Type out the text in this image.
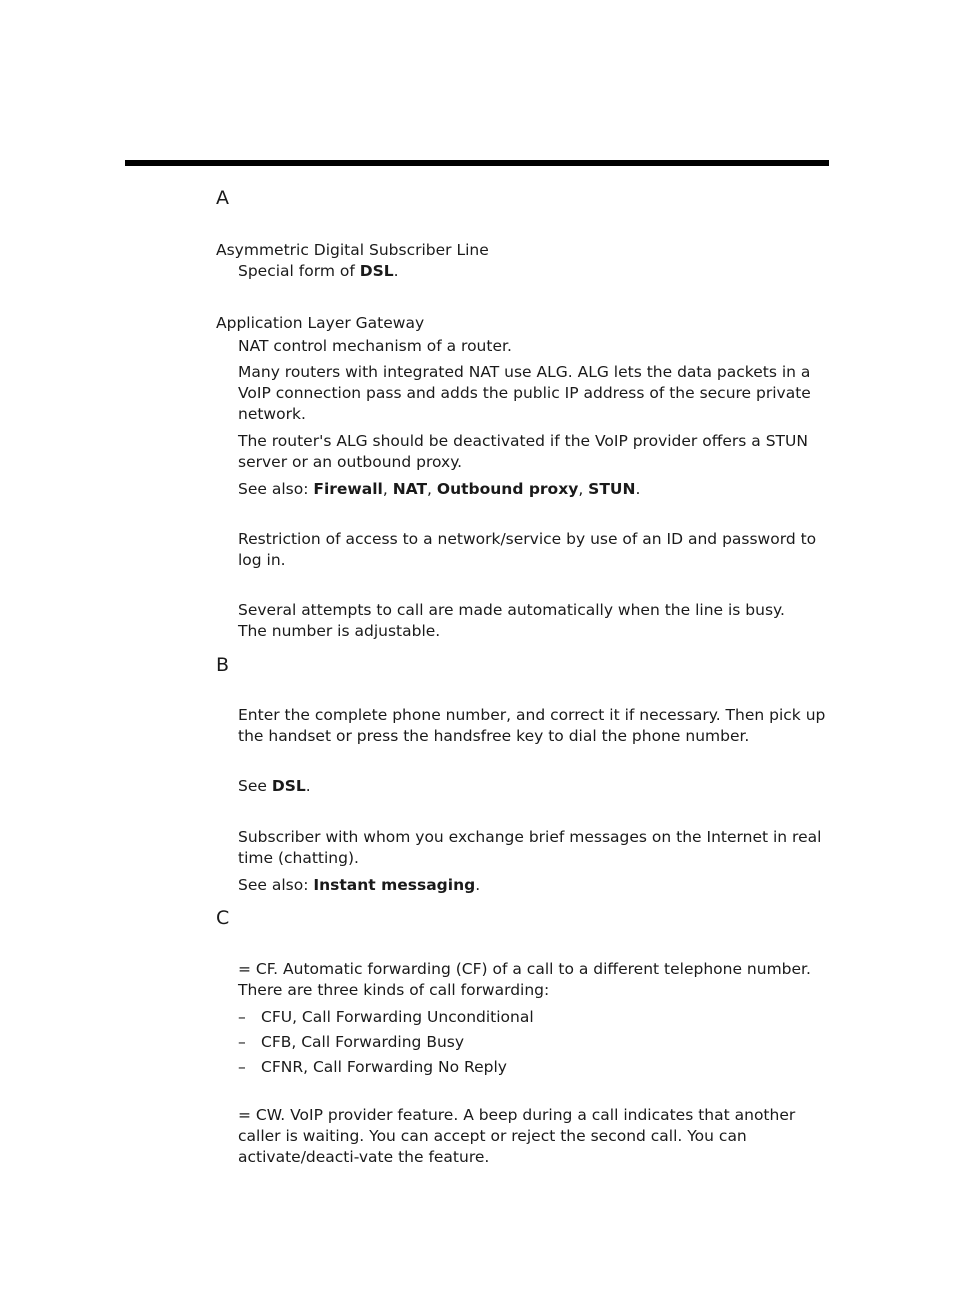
A
Asymmetric Digital Subscriber Line

Special form of DSL.

Application Layer Gateway

NAT control mechanism of a router.

Many routers with integrated NAT use ALG. ALG lets the data packets in a VoIP connection pass and adds the public IP address of the secure private network.

The router's ALG should be deactivated if the VoIP provider offers a STUN server or an outbound proxy.

See also: Firewall, NAT, Outbound proxy, STUN.

Restriction of access to a network/service by use of an ID and password to log in.

Several attempts to call are made automatically when the line is busy.
The number is adjustable.

B

Enter the complete phone number, and correct it if necessary. Then pick up the handset or press the handsfree key to dial the phone number.

See DSL.

Subscriber with whom you exchange brief messages on the Internet in real time (chatting).

See also: Instant messaging.

C

= CF. Automatic forwarding (CF) of a call to a different telephone number. There are three kinds of call forwarding:

– CFU, Call Forwarding Unconditional
– CFB, Call Forwarding Busy
– CFNR, Call Forwarding No Reply

= CW. VoIP provider feature. A beep during a call indicates that another caller is waiting. You can accept or reject the second call. You can activate/deacti-vate the feature.
